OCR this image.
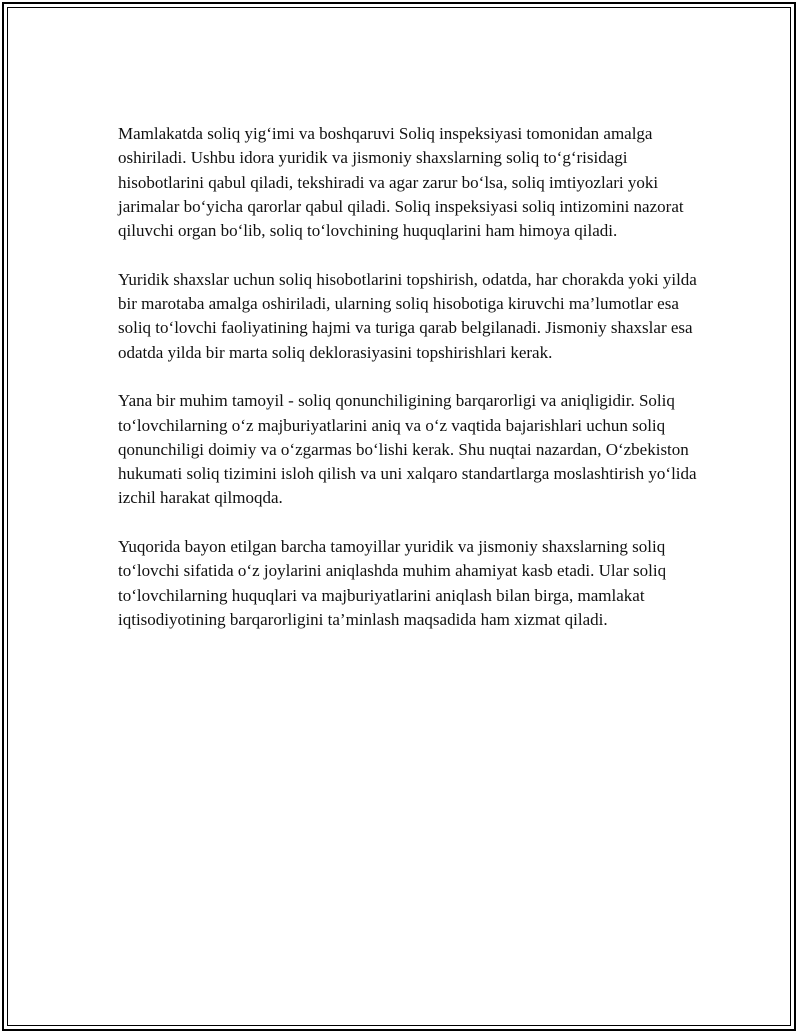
Mamlakatda soliq yig‘imi va boshqaruvi Soliq inspeksiyasi tomonidan amalga oshiriladi. Ushbu idora yuridik va jismoniy shaxslarning soliq to‘g‘risidagi hisobotlarini qabul qiladi, tekshiradi va agar zarur bo‘lsa, soliq imtiyozlari yoki jarimalar bo‘yicha qarorlar qabul qiladi. Soliq inspeksiyasi soliq intizomini nazorat qiluvchi organ bo‘lib, soliq to‘lovchining huquqlarini ham himoya qiladi.

Yuridik shaxslar uchun soliq hisobotlarini topshirish, odatda, har chorakda yoki yilda bir marotaba amalga oshiriladi, ularning soliq hisobotiga kiruvchi ma’lumotlar esa soliq to‘lovchi faoliyatining hajmi va turiga qarab belgilanadi. Jismoniy shaxslar esa odatda yilda bir marta soliq deklorasiyasini topshirishlari kerak.

Yana bir muhim tamoyil - soliq qonunchiligining barqarorligi va aniqligidir. Soliq to‘lovchilarning o‘z majburiyatlarini aniq va o‘z vaqtida bajarishlari uchun soliq qonunchiligi doimiy va o‘zgarmas bo‘lishi kerak. Shu nuqtai nazardan, O‘zbekiston hukumati soliq tizimini isloh qilish va uni xalqaro standartlarga moslashtirish yo‘lida izchil harakat qilmoqda.

Yuqorida bayon etilgan barcha tamoyillar yuridik va jismoniy shaxslarning soliq to‘lovchi sifatida o‘z joylarini aniqlashda muhim ahamiyat kasb etadi. Ular soliq to‘lovchilarning huquqlari va majburiyatlarini aniqlash bilan birga, mamlakat iqtisodiyotining barqarorligini ta’minlash maqsadida ham xizmat qiladi.
